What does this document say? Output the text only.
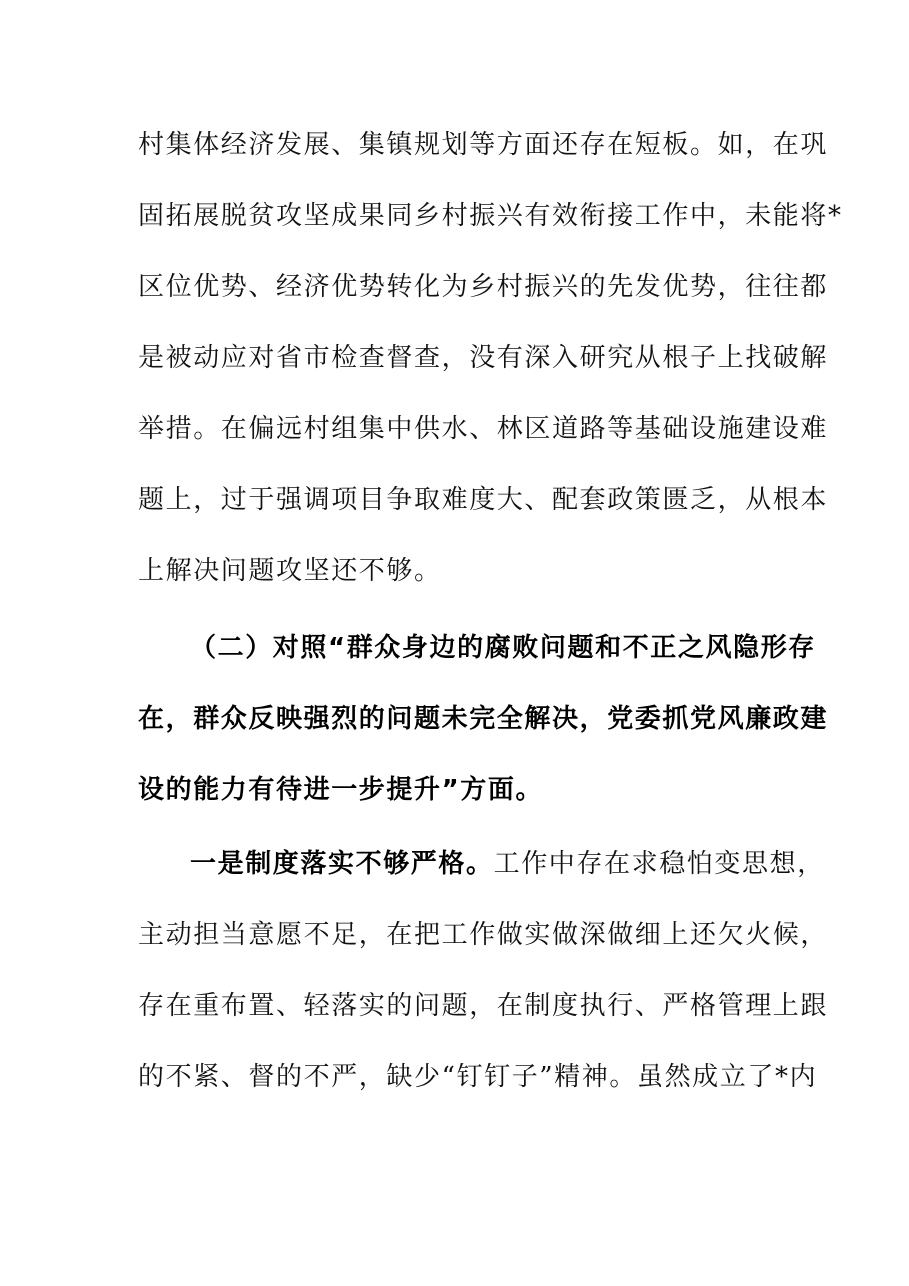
村集体经济发展、集镇规划等方面还存在短板。如，在巩
固拓展脱贫攻坚成果同乡村振兴有效衔接工作中，未能将*
区位优势、经济优势转化为乡村振兴的先发优势，往往都
是被动应对省市检查督查，没有深入研究从根子上找破解
举措。在偏远村组集中供水、林区道路等基础设施建设难
题上，过于强调项目争取难度大、配套政策匮乏，从根本
上解决问题攻坚还不够。
（二）对照“群众身边的腐败问题和不正之风隐形存
在，群众反映强烈的问题未完全解决，党委抓党风廉政建
设的能力有待进一步提升”方面。
一是制度落实不够严格。 工作中存在求稳怕变思想，
主动担当意愿不足，在把工作做实做深做细上还欠火候，
存在重布置、轻落实的问题，在制度执行、严格管理上跟
的不紧、督的不严，缺少“钉钉子”精神。虽然成立了*内
